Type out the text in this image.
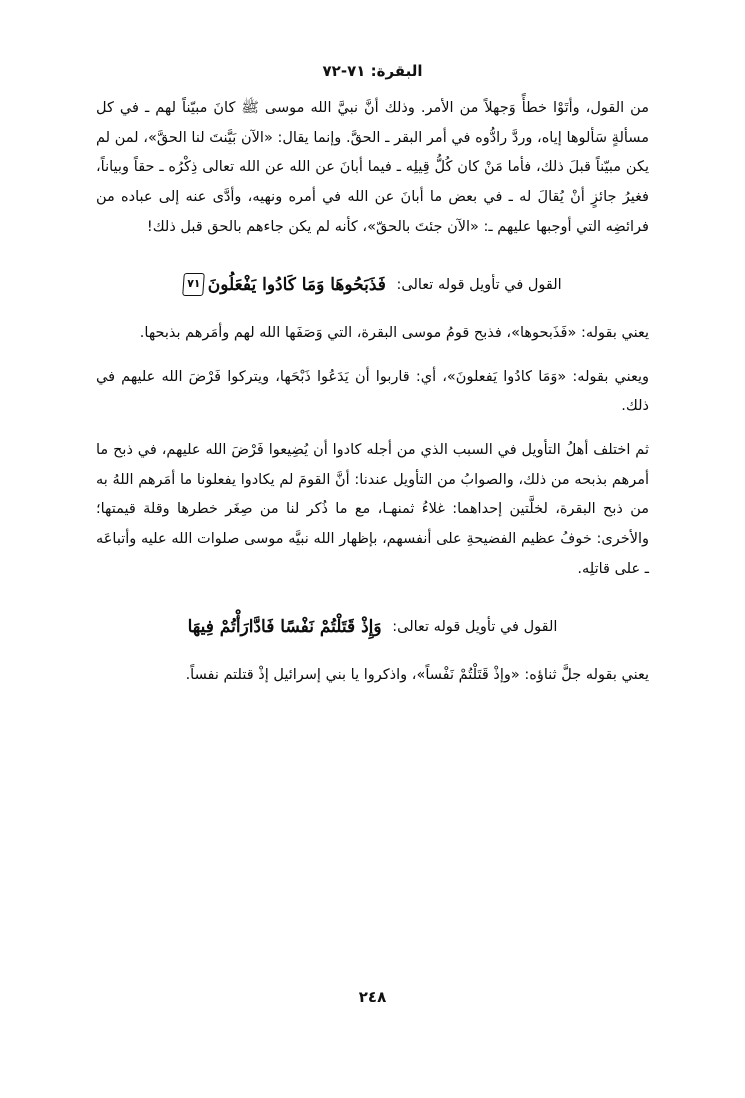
البقرة: ٧١-٧٢

من القول، وأتَوْا خطأً وَجهلاً من الأمر. وذلك أنَّ نبيَّ الله موسى ﷺ كانَ مبيّناً لهم ـ في كل مسألةٍ سَألوها إياه، وردَّ رادُّوه في أمر البقر ـ الحقَّ. وإنما يقال: «الآن بَيَّنتَ لنا الحقَّ»، لمن لم يكن مبيّناً قبلَ ذلك، فأما مَنْ كان كُلُّ قِيلِه ـ فيما أبانَ عن الله عن الله تعالى ذِكْرُه ـ حقاً وبياناً، فغيرُ جائزٍ أنْ يُقالَ له ـ في بعض ما أبانَ عن الله في أمره ونهيه، وأدَّى عنه إلى عباده من فرائضِه التي أوجبها عليهم ـ: «الآن جئتَ بالحقّ»، كأنه لم يكن جاءهم بالحق قبل ذلك!

القول في تأويل قوله تعالى: فَذَبَحُوهَا وَمَا كَادُوا يَفْعَلُونَ٧١

يعني بقوله: «فَذَبحوها»، فذبح قومُ موسى البقرة، التي وَصَفَها الله لهم وأمَرهم بذبحها.

ويعني بقوله: «وَمَا كادُوا يَفعلونَ»، أي: قاربوا أن يَدَعُوا ذَبْحَها، ويتركوا فَرْضَ الله عليهم في ذلك.

ثم اختلف أهلُ التأويل في السبب الذي من أجله كادوا أن يُضِيعوا فَرْضَ الله عليهم، في ذبح ما أمرهم بذبحه من ذلك، والصوابُ من التأويل عندنا: أنَّ القومَ لم يكادوا يفعلونا ما أمَرهم اللهُ به من ذبح البقرة، لخلَّتين إحداهما: غلاءُ ثمنهـا، مع ما ذُكر لنا من صِغَر خطرها وقلة قيمتها؛ والأخرى: خوفُ عظيم الفضيحةِ على أنفسهم، بإظهار الله نبيَّه موسى صلوات الله عليه وأتباعَه ـ على قاتلِه.

القول في تأويل قوله تعالى: وَإِذْ قَتَلْتُمْ نَفْسًا فَادَّارَأْتُمْ فِيهَا

يعني بقوله جلَّ ثناؤه: «وإذْ قَتَلْتُمْ نَفْساً»، واذكروا يا بني إسرائيل إذْ قتلتم نفساً.

٢٤٨
